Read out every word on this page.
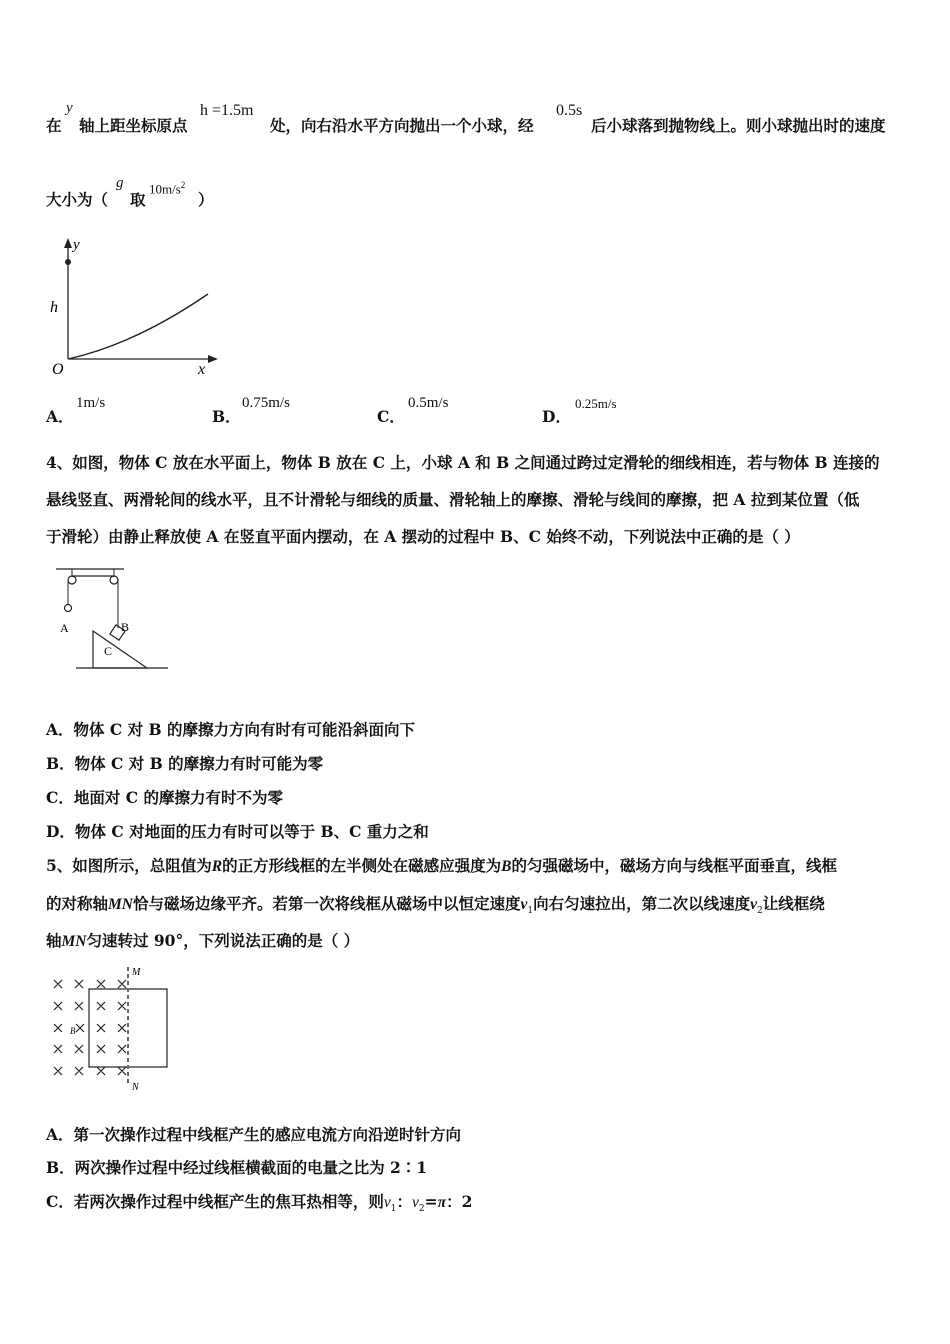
在
y
轴上距坐标原点
h =1.5m
处，向右沿水平方向抛出一个小球，经
0.5s
后小球落到抛物线上。则小球抛出时的速度
大小为（
g
取
$10m/s^2$
）
y
h
O	x
A．
1m/s
B．
0.75m/s
C．
0.5m/s
D．
0.25m/s
4、如图，物体 C 放在水平面上，物体 B 放在 C 上，小球 A 和 B 之间通过跨过定滑轮的细线相连，若与物体 B 连接的
悬线竖直、两滑轮间的线水平，且不计滑轮与细线的质量、滑轮轴上的摩擦、滑轮与线间的摩擦，把 A 拉到某位置（低
于滑轮）由静止释放使 A 在竖直平面内摆动，在 A 摆动的过程中 B、C 始终不动，下列说法中正确的是（ ）
A	B
C
A．物体 C 对 B 的摩擦力方向有时有可能沿斜面向下
B．物体 C 对 B 的摩擦力有时可能为零
C．地面对 C 的摩擦力有时不为零
D．物体 C 对地面的压力有时可以等于 B、C 重力之和
5、如图所示，总阻值为R的正方形线框的左半侧处在磁感应强度为B的匀强磁场中，磁场方向与线框平面垂直，线框
的对称轴MN恰与磁场边缘平齐。若第一次将线框从磁场中以恒定速度$v_1$向右匀速拉出，第二次以线速度$v_2$让线框绕
轴MN匀速转过 90°，下列说法正确的是（ ）
M
N
B
A．第一次操作过程中线框产生的感应电流方向沿逆时针方向
B．两次操作过程中经过线框横截面的电量之比为 2∶1
C．若两次操作过程中线框产生的焦耳热相等，则$v_1$：$v_2=\pi$：2
